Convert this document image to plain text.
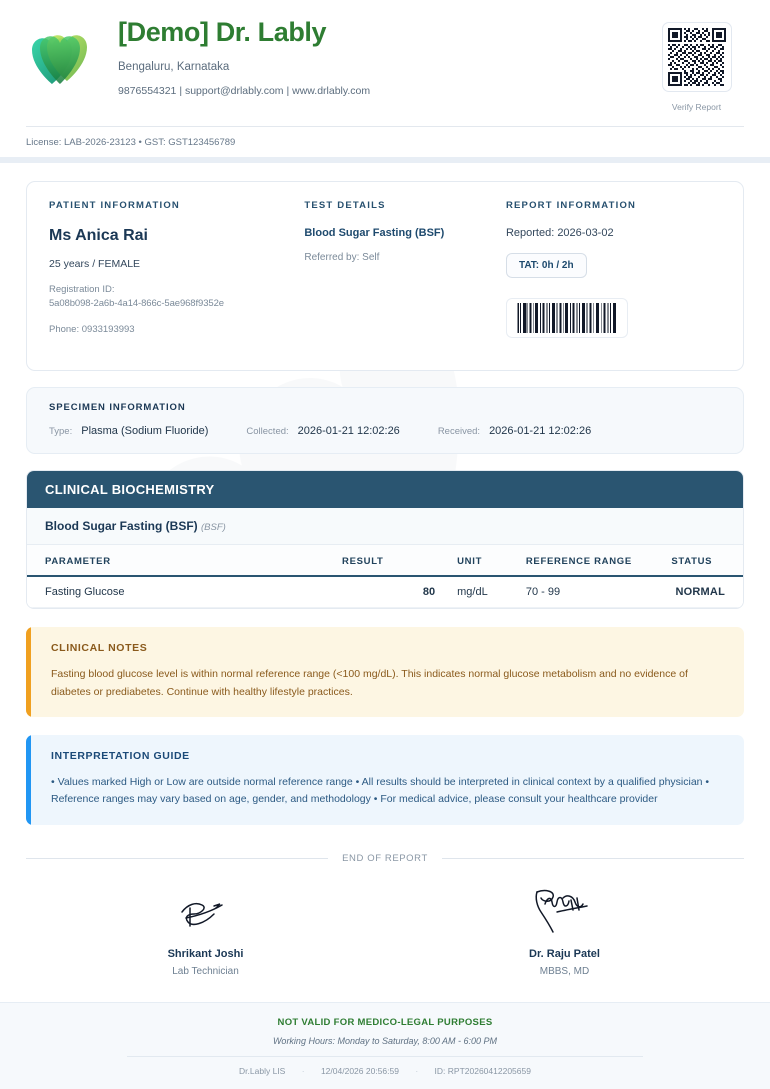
[Demo] Dr. Lably
Bengaluru, Karnataka
9876554321 | support@drlably.com | www.drlably.com
Verify Report
License: LAB-2026-23123 • GST: GST123456789
PATIENT INFORMATION
Ms Anica Rai
25 years / FEMALE
Registration ID:
5a08b098-2a6b-4a14-866c-5ae968f9352e
Phone: 0933193993
TEST DETAILS
Blood Sugar Fasting (BSF)
Referred by: Self
REPORT INFORMATION
Reported: 2026-03-02
TAT: 0h / 2h
SPECIMEN INFORMATION
Type: Plasma (Sodium Fluoride)	Collected: 2026-01-21 12:02:26	Received: 2026-01-21 12:02:26
CLINICAL BIOCHEMISTRY
Blood Sugar Fasting (BSF) (BSF)
PARAMETER	RESULT	UNIT	REFERENCE RANGE	STATUS
Fasting Glucose	80	mg/dL	70 - 99	NORMAL
CLINICAL NOTES
Fasting blood glucose level is within normal reference range (<100 mg/dL). This indicates normal glucose metabolism and no evidence of diabetes or prediabetes. Continue with healthy lifestyle practices.
INTERPRETATION GUIDE
• Values marked High or Low are outside normal reference range • All results should be interpreted in clinical context by a qualified physician • Reference ranges may vary based on age, gender, and methodology • For medical advice, please consult your healthcare provider
END OF REPORT
Shrikant Joshi
Lab Technician
Dr. Raju Patel
MBBS, MD
NOT VALID FOR MEDICO-LEGAL PURPOSES
Working Hours: Monday to Saturday, 8:00 AM - 6:00 PM
Dr.Lably LIS · 12/04/2026 20:56:59 · ID: RPT20260412205659
